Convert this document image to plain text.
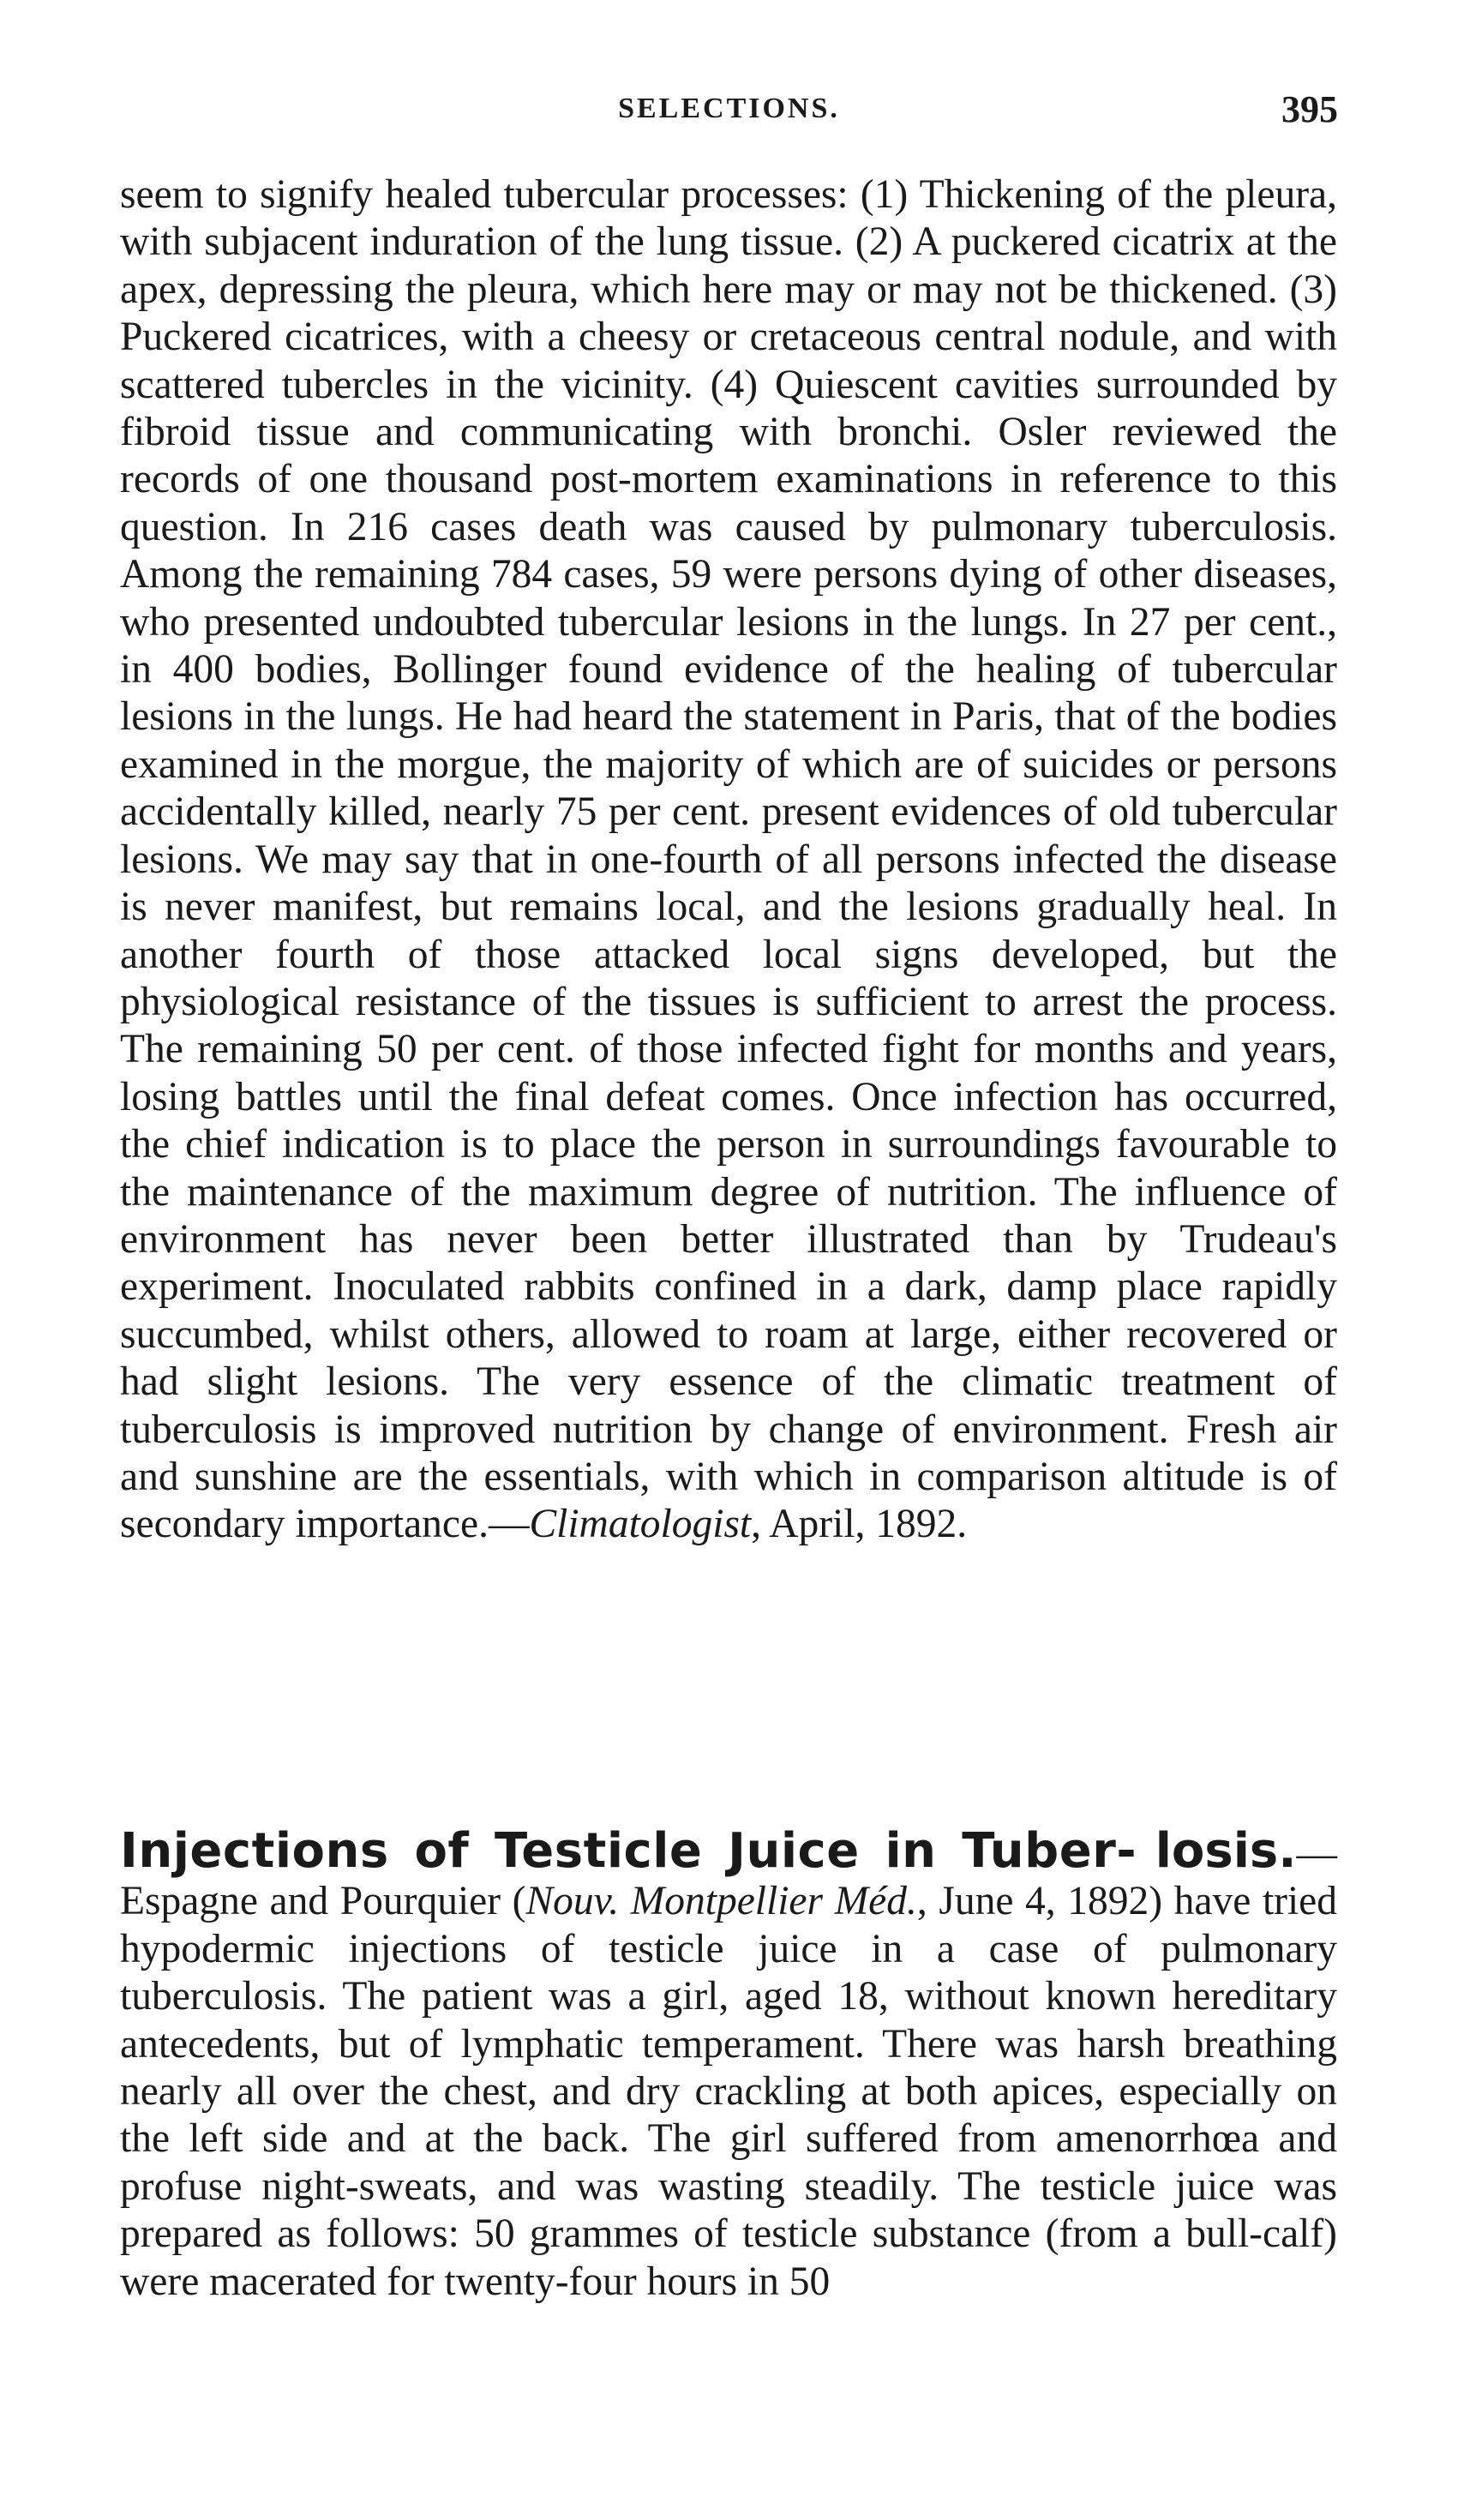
SELECTIONS.	395

seem to signify healed tubercular processes: (1) Thickening of the pleura, with subjacent induration of the lung tissue. (2) A puckered cicatrix at the apex, depressing the pleura, which here may or may not be thickened. (3) Puckered cicatrices, with a cheesy or cretaceous central nodule, and with scattered tubercles in the vicinity. (4) Quiescent cavities surrounded by fibroid tissue and communicating with bronchi. Osler reviewed the records of one thousand post-mortem examinations in reference to this question. In 216 cases death was caused by pulmonary tuberculosis. Among the remaining 784 cases, 59 were persons dying of other diseases, who presented undoubted tubercular lesions in the lungs. In 27 per cent., in 400 bodies, Bollinger found evidence of the healing of tubercular lesions in the lungs. He had heard the statement in Paris, that of the bodies examined in the morgue, the majority of which are of suicides or persons accidentally killed, nearly 75 per cent. present evidences of old tubercular lesions. We may say that in one-fourth of all persons infected the disease is never manifest, but remains local, and the lesions gradually heal. In another fourth of those attacked local signs developed, but the physiological resistance of the tissues is sufficient to arrest the process. The remaining 50 per cent. of those infected fight for months and years, losing battles until the final defeat comes. Once infection has occurred, the chief indication is to place the person in surroundings favourable to the maintenance of the maximum degree of nutrition. The influence of environment has never been better illustrated than by Trudeau's experiment. Inoculated rabbits confined in a dark, damp place rapidly succumbed, whilst others, allowed to roam at large, either recovered or had slight lesions. The very essence of the climatic treatment of tuberculosis is improved nutrition by change of environment. Fresh air and sunshine are the essentials, with which in comparison altitude is of secondary importance.—Climatologist, April, 1892.

Injections of Testicle Juice in Tuber- losis.—Espagne and Pourquier (Nouv. Montpellier Méd., June 4, 1892) have tried hypodermic injections of testicle juice in a case of pulmonary tuberculosis. The patient was a girl, aged 18, without known hereditary antecedents, but of lymphatic temperament. There was harsh breathing nearly all over the chest, and dry crackling at both apices, especially on the left side and at the back. The girl suffered from amenorrhœa and profuse night-sweats, and was wasting steadily. The testicle juice was prepared as follows: 50 grammes of testicle substance (from a bull-calf) were macerated for twenty-four hours in 50
